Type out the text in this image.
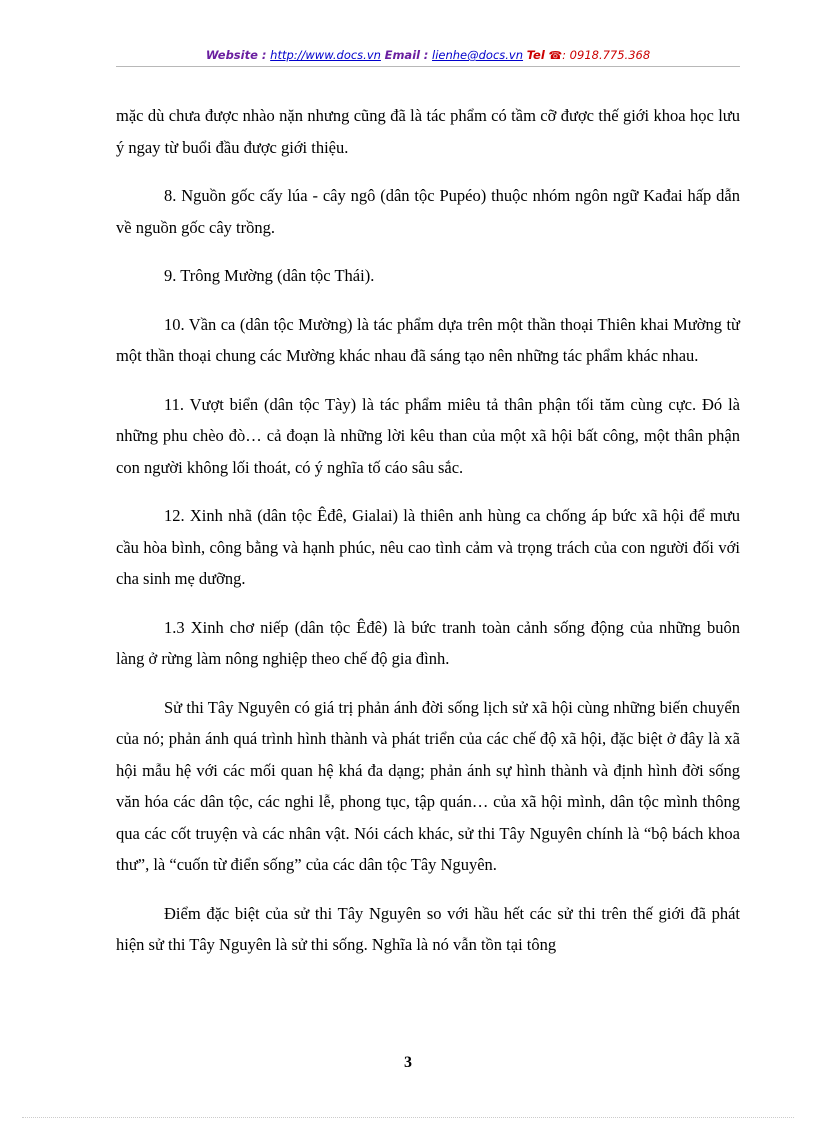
Website : http://www.docs.vn Email : lienhe@docs.vn Tel ☎: 0918.775.368

mặc dù chưa được nhào nặn nhưng cũng đã là tác phẩm có tầm cỡ được thế giới khoa học lưu ý ngay từ buổi đầu được giới thiệu.

8. Nguồn gốc cấy lúa - cây ngô (dân tộc Pupéo) thuộc nhóm ngôn ngữ Kađai hấp dẫn về nguồn gốc cây trồng.

9. Trông Mường (dân tộc Thái).

10. Vần ca (dân tộc Mường) là tác phẩm dựa trên một thần thoại Thiên khai Mường từ một thần thoại chung các Mường khác nhau đã sáng tạo nên những tác phẩm khác nhau.

11. Vượt biển (dân tộc Tày) là tác phẩm miêu tả thân phận tối tăm cùng cực. Đó là những phu chèo đò… cả đoạn là những lời kêu than của một xã hội bất công, một thân phận con người không lối thoát, có ý nghĩa tố cáo sâu sắc.

12. Xinh nhã (dân tộc Êđê, Gialai) là thiên anh hùng ca chống áp bức xã hội để mưu cầu hòa bình, công bằng và hạnh phúc, nêu cao tình cảm và trọng trách của con người đối với cha sinh mẹ dưỡng.

1.3 Xinh chơ niếp (dân tộc Êđê) là bức tranh toàn cảnh sống động của những buôn làng ở rừng làm nông nghiệp theo chế độ gia đình.

Sử thi Tây Nguyên có giá trị phản ánh đời sống lịch sử xã hội cùng những biến chuyển của nó; phản ánh quá trình hình thành và phát triển của các chế độ xã hội, đặc biệt ở đây là xã hội mẫu hệ với các mối quan hệ khá đa dạng; phản ánh sự hình thành và định hình đời sống văn hóa các dân tộc, các nghi lễ, phong tục, tập quán… của xã hội mình, dân tộc mình thông qua các cốt truyện và các nhân vật. Nói cách khác, sử thi Tây Nguyên chính là “bộ bách khoa thư”, là “cuốn từ điển sống” của các dân tộc Tây Nguyên.

Điểm đặc biệt của sử thi Tây Nguyên so với hầu hết các sử thi trên thế giới đã phát hiện sử thi Tây Nguyên là sử thi sống. Nghĩa là nó vẫn tồn tại tông

3
